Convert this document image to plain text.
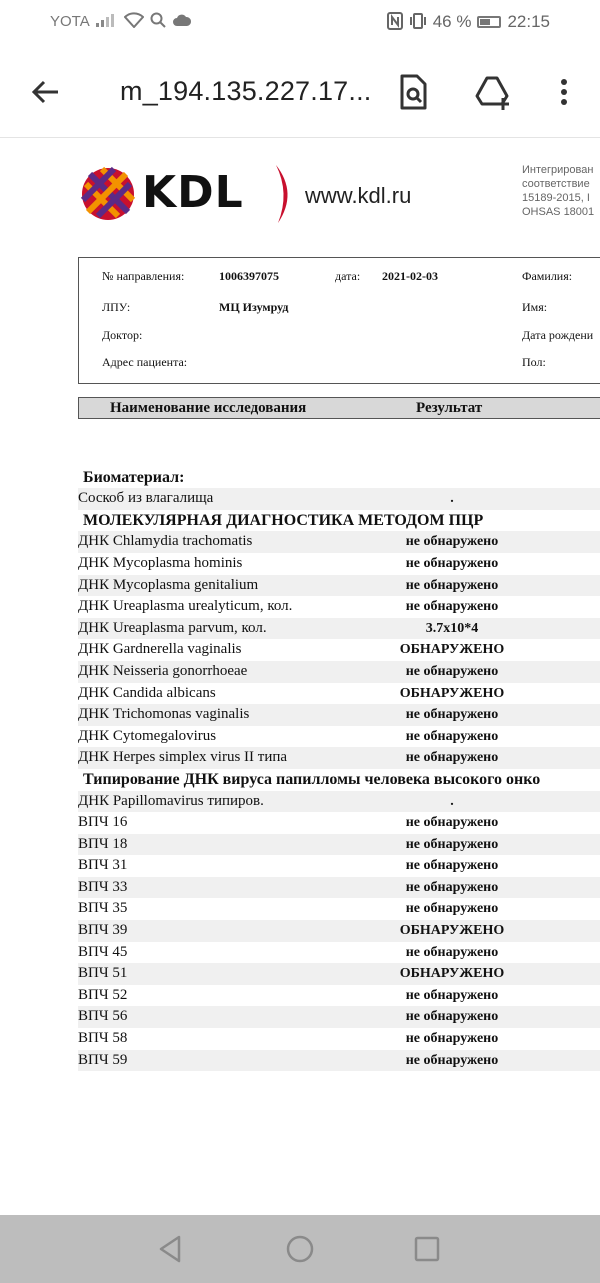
YOTA	46 % 22:15
m_194.135.227.17...
KDL	www.kdl.ru
Интегрирован
соответствие
15189-2015, I
OHSAS 18001
№ направления:	1006397075	дата: 2021-02-03	Фамилия:
ЛПУ:	МЦ Изумруд	Имя:
Доктор:	Дата рождени
Адрес пациента:	Пол:
Наименование исследования	Результат
Биоматериал:
Соскоб из влагалища	.
МОЛЕКУЛЯРНАЯ ДИАГНОСТИКА МЕТОДОМ ПЦР
ДНК Chlamydia trachomatis	не обнаружено
ДНК Mycoplasma hominis	не обнаружено
ДНК Mycoplasma genitalium	не обнаружено
ДНК Ureaplasma urealyticum, кол.	не обнаружено
ДНК Ureaplasma parvum, кол.	3.7x10*4
ДНК Gardnerella vaginalis	ОБНАРУЖЕНО
ДНК Neisseria gonorrhoeae	не обнаружено
ДНК Candida albicans	ОБНАРУЖЕНО
ДНК Trichomonas vaginalis	не обнаружено
ДНК Cytomegalovirus	не обнаружено
ДНК Herpes simplex virus II типа	не обнаружено
Типирование ДНК вируса папилломы человека высокого онко
ДНК Papillomavirus типиров.	.
ВПЧ 16	не обнаружено
ВПЧ 18	не обнаружено
ВПЧ 31	не обнаружено
ВПЧ 33	не обнаружено
ВПЧ 35	не обнаружено
ВПЧ 39	ОБНАРУЖЕНО
ВПЧ 45	не обнаружено
ВПЧ 51	ОБНАРУЖЕНО
ВПЧ 52	не обнаружено
ВПЧ 56	не обнаружено
ВПЧ 58	не обнаружено
ВПЧ 59	не обнаружено
